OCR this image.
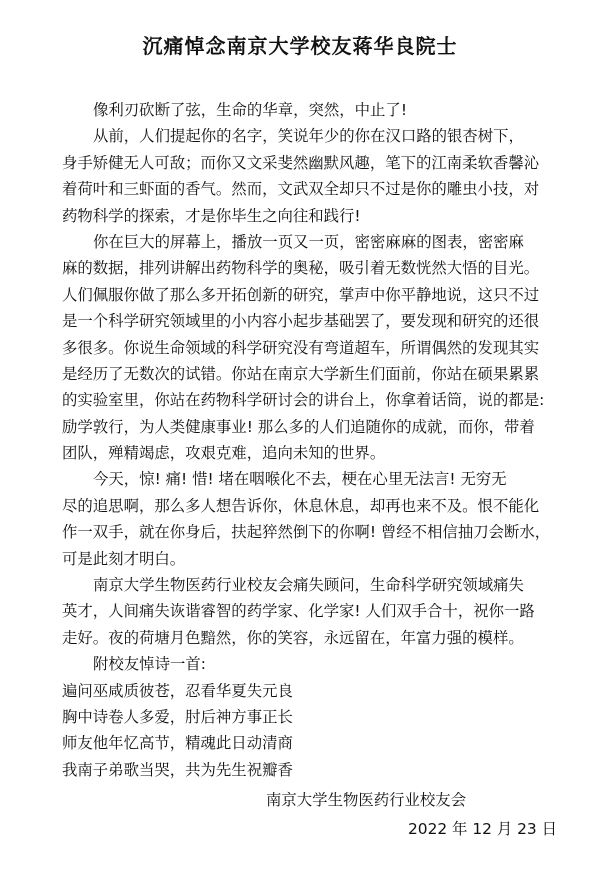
沉痛悼念南京大学校友蒋华良院士
像利刃砍断了弦，生命的华章，突然，中止了!
从前，人们提起你的名字，笑说年少的你在汉口路的银杏树下，
身手矫健无人可敌；而你又文采斐然幽默风趣，笔下的江南柔软香馨沁
着荷叶和三虾面的香气。然而，文武双全却只不过是你的雕虫小技，对
药物科学的探索，才是你毕生之向往和践行!
你在巨大的屏幕上，播放一页又一页，密密麻麻的图表，密密麻
麻的数据，排列讲解出药物科学的奥秘，吸引着无数恍然大悟的目光。
人们佩服你做了那么多开拓创新的研究，掌声中你平静地说，这只不过
是一个科学研究领域里的小内容小起步基础罢了，要发现和研究的还很
多很多。你说生命领域的科学研究没有弯道超车，所谓偶然的发现其实
是经历了无数次的试错。你站在南京大学新生们面前，你站在硕果累累
的实验室里，你站在药物科学研讨会的讲台上，你拿着话筒，说的都是:
励学敦行，为人类健康事业! 那么多的人们追随你的成就，而你，带着
团队，殚精竭虑，攻艰克难，追向未知的世界。
今天，惊! 痛! 惜! 堵在咽喉化不去，梗在心里无法言! 无穷无
尽的追思啊，那么多人想告诉你，休息休息，却再也来不及。恨不能化
作一双手，就在你身后，扶起猝然倒下的你啊! 曾经不相信抽刀会断水，
可是此刻才明白。
南京大学生物医药行业校友会痛失顾问，生命科学研究领域痛失
英才，人间痛失诙谐睿智的药学家、化学家! 人们双手合十，祝你一路
走好。夜的荷塘月色黯然，你的笑容，永远留在，年富力强的模样。
附校友悼诗一首:
遍问巫咸质彼苍，忍看华夏失元良
胸中诗卷人多爱，肘后神方事正长
师友他年忆高节，精魂此日动清商
我南子弟歌当哭，共为先生祝瓣香
南京大学生物医药行业校友会
2022 年 12 月 23 日
